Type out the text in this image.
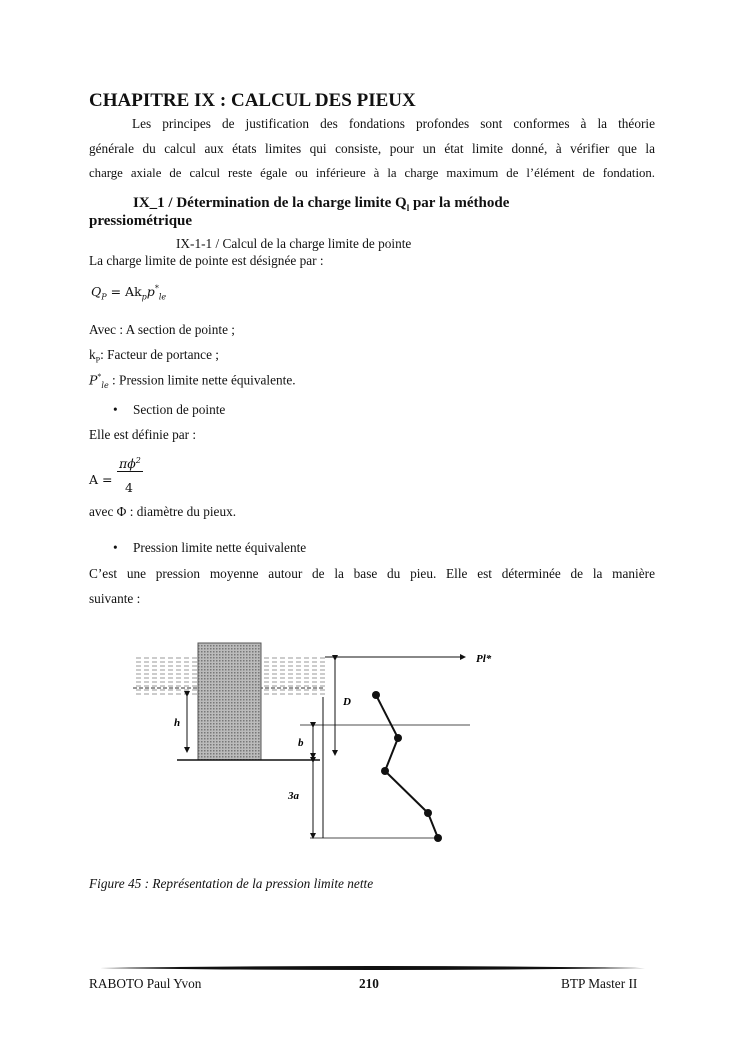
CHAPITRE IX : CALCUL DES PIEUX
Les principes de justification des fondations profondes sont conformes à la théorie
générale du calcul aux états limites qui consiste, pour un état limite donné, à vérifier que la
charge axiale de calcul reste égale ou inférieure à la charge maximum de l’élément de fondation.
IX_1 / Détermination de la charge limite $Q_l$ par la méthode
pressiométrique
IX-1-1 / Calcul de la charge limite de pointe
La charge limite de pointe est désignée par :
$Q_P = Ak_pp^*_{le}$
Avec : A section de pointe ;
$k_P$: Facteur de portance ;
$P^*_{le}$ : Pression limite nette équivalente.
• Section de pointe
Elle est définie par :
A =
$\pi\phi^2$
4
avec Φ : diamètre du pieux.
• Pression limite nette équivalente
C’est une pression moyenne autour de la base du pieu. Elle est déterminée de la manière
suivante :
Pl*
D
h
b
3a
Figure 45 : Représentation de la pression limite nette
RABOTO Paul Yvon	210	BTP Master II
